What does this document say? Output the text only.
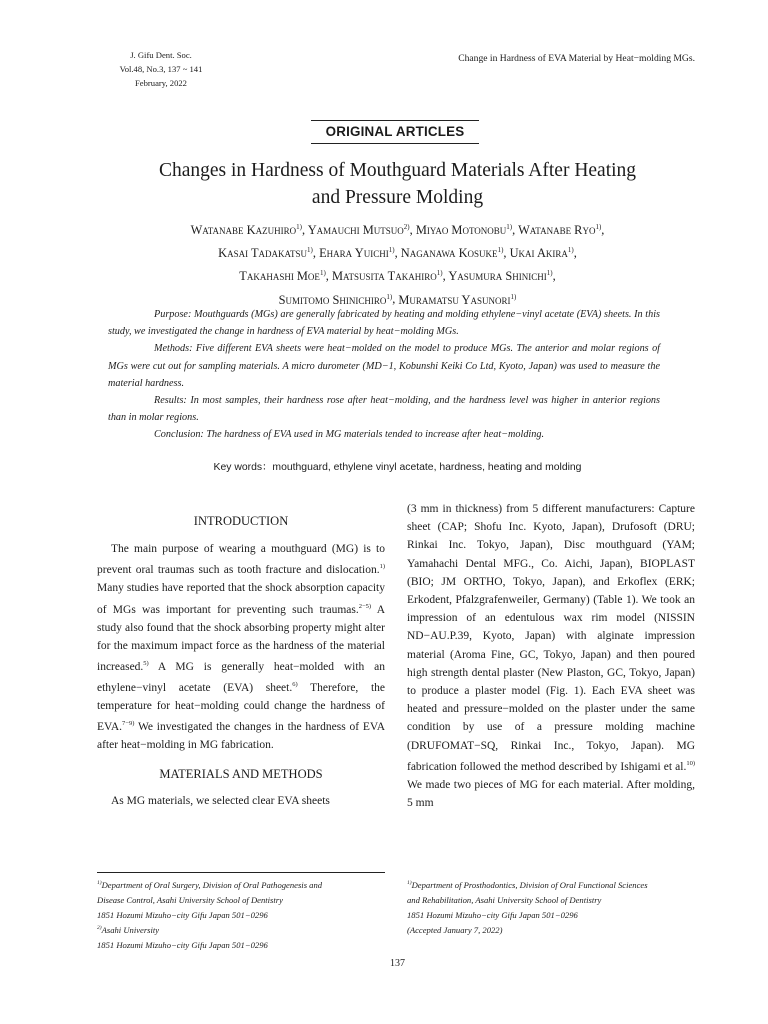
J. Gifu Dent. Soc.
Vol.48, No.3, 137 ~ 141
February, 2022
Change in Hardness of EVA Material by Heat−molding MGs.
ORIGINAL ARTICLES
Changes in Hardness of Mouthguard Materials After Heating
and Pressure Molding
Watanabe Kazuhiro$^{1)}$, Yamauchi Mutsuo$^{2)}$, Miyao Motonobu$^{1)}$, Watanabe Ryo$^{1)}$,
Kasai Tadakatsu$^{1)}$, Ehara Yuichi$^{1)}$, Naganawa Kosuke$^{1)}$, Ukai Akira$^{1)}$,
Takahashi Moe$^{1)}$, Matsusita Takahiro$^{1)}$, Yasumura Shinichi$^{1)}$,
Sumitomo Shinichiro$^{1)}$, Muramatsu Yasunori$^{1)}$

Purpose: Mouthguards (MGs) are generally fabricated by heating and molding ethylene−vinyl acetate (EVA) sheets. In this study, we investigated the change in hardness of EVA material by heat−molding MGs.

Methods: Five different EVA sheets were heat−molded on the model to produce MGs. The anterior and molar regions of MGs were cut out for sampling materials. A micro durometer (MD−1, Kobunshi Keiki Co Ltd, Kyoto, Japan) was used to measure the material hardness.

Results: In most samples, their hardness rose after heat−molding, and the hardness level was higher in anterior regions than in molar regions.

Conclusion: The hardness of EVA used in MG materials tended to increase after heat−molding.

Key words：mouthguard, ethylene vinyl acetate, hardness, heating and molding

INTRODUCTION

The main purpose of wearing a mouthguard (MG) is to prevent oral traumas such as tooth fracture and dislocation.$^{1)}$ Many studies have reported that the shock absorption capacity of MGs was important for preventing such traumas.$^{2-5)}$ A study also found that the shock absorbing property might alter for the maximum impact force as the hardness of the material increased.$^{5)}$ A MG is generally heat−molded with an ethylene−vinyl acetate (EVA) sheet.$^{6)}$ Therefore, the temperature for heat−molding could change the hardness of EVA.$^{7-9)}$ We investigated the changes in the hardness of EVA after heat−molding in MG fabrication.

MATERIALS AND METHODS

As MG materials, we selected clear EVA sheets

(3 mm in thickness) from 5 different manufacturers: Capture sheet (CAP; Shofu Inc. Kyoto, Japan), Drufosoft (DRU; Rinkai Inc. Tokyo, Japan), Disc mouthguard (YAM; Yamahachi Dental MFG., Co. Aichi, Japan), BIOPLAST (BIO; JM ORTHO, Tokyo, Japan), and Erkoflex (ERK; Erkodent, Pfalzgrafenweiler, Germany) (Table 1). We took an impression of an edentulous wax rim model (NISSIN ND−AU.P.39, Kyoto, Japan) with alginate impression material (Aroma Fine, GC, Tokyo, Japan) and then poured high strength dental plaster (New Plaston, GC, Tokyo, Japan) to produce a plaster model (Fig. 1). Each EVA sheet was heated and pressure−molded on the plaster under the same condition by use of a pressure molding machine (DRUFOMAT−SQ, Rinkai Inc., Tokyo, Japan). MG fabrication followed the method described by Ishigami et al.$^{10)}$ We made two pieces of MG for each material. After molding, 5 mm

$^{1)}$Department of Oral Surgery, Division of Oral Pathogenesis and
Disease Control, Asahi University School of Dentistry
1851 Hozumi Mizuho−city Gifu Japan 501−0296
$^{2)}$Asahi University
1851 Hozumi Mizuho−city Gifu Japan 501−0296
$^{1)}$Department of Prosthodontics, Division of Oral Functional Sciences
and Rehabilitation, Asahi University School of Dentistry
1851 Hozumi Mizuho−city Gifu Japan 501−0296
(Accepted January 7, 2022)
137
